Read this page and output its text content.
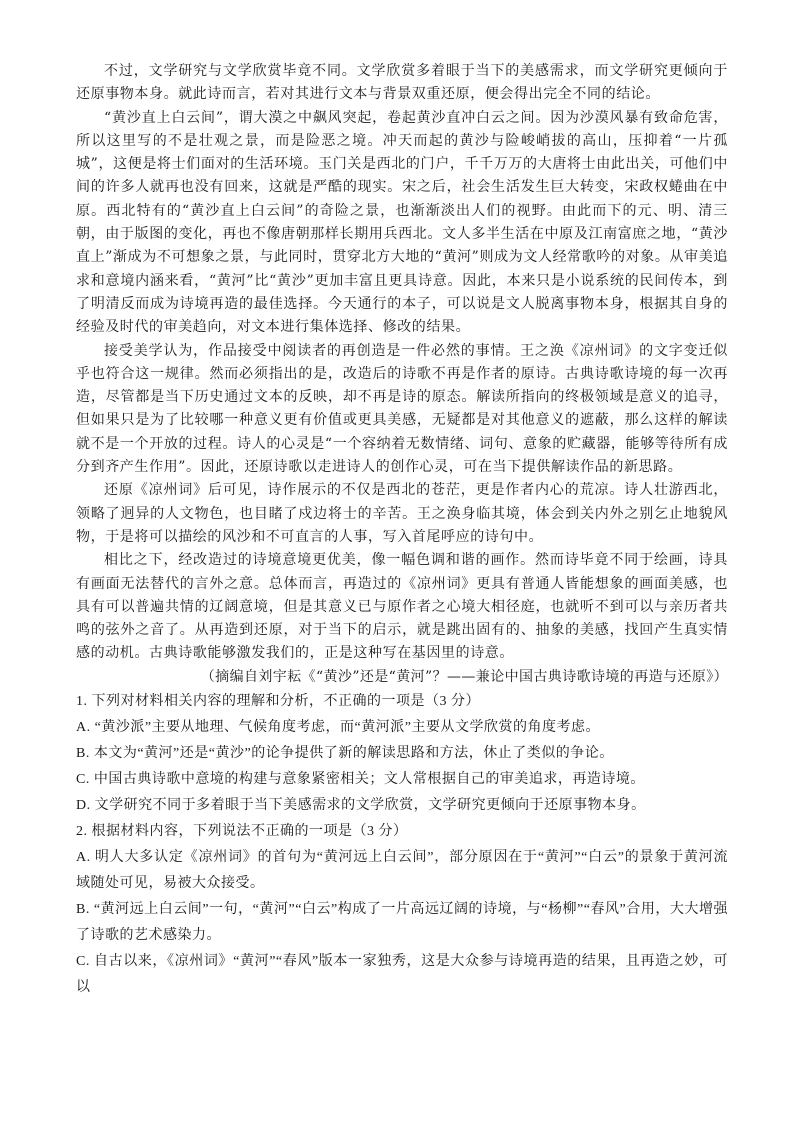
不过，文学研究与文学欣赏毕竟不同。文学欣赏多着眼于当下的美感需求，而文学研究更倾向于还原事物本身。就此诗而言，若对其进行文本与背景双重还原，便会得出完全不同的结论。

“黄沙直上白云间”，谓大漠之中飙风突起，卷起黄沙直冲白云之间。因为沙漠风暴有致命危害，所以这里写的不是壮观之景，而是险恶之境。冲天而起的黄沙与险峻峭拔的高山，压抑着“一片孤城”，这便是将士们面对的生活环境。玉门关是西北的门户，千千万万的大唐将士由此出关，可他们中间的许多人就再也没有回来，这就是严酷的现实。宋之后，社会生活发生巨大转变，宋政权蜷曲在中原。西北特有的“黄沙直上白云间”的奇险之景，也渐渐淡出人们的视野。由此而下的元、明、清三朝，由于版图的变化，再也不像唐朝那样长期用兵西北。文人多半生活在中原及江南富庶之地，“黄沙直上”渐成为不可想象之景，与此同时，贯穿北方大地的“黄河”则成为文人经常歌吟的对象。从审美追求和意境内涵来看，“黄河”比“黄沙”更加丰富且更具诗意。因此，本来只是小说系统的民间传本，到了明清反而成为诗境再造的最佳选择。今天通行的本子，可以说是文人脱离事物本身，根据其自身的经验及时代的审美趋向，对文本进行集体选择、修改的结果。

接受美学认为，作品接受中阅读者的再创造是一件必然的事情。王之涣《凉州词》的文字变迁似乎也符合这一规律。然而必须指出的是，改造后的诗歌不再是作者的原诗。古典诗歌诗境的每一次再造，尽管都是当下历史通过文本的反映，却不再是诗的原态。解读所指向的终极领域是意义的追寻，但如果只是为了比较哪一种意义更有价值或更具美感，无疑都是对其他意义的遮蔽，那么这样的解读就不是一个开放的过程。诗人的心灵是“一个容纳着无数情绪、词句、意象的贮藏器，能够等待所有成分到齐产生作用”。因此，还原诗歌以走进诗人的创作心灵，可在当下提供解读作品的新思路。

还原《凉州词》后可见，诗作展示的不仅是西北的苍茫，更是作者内心的荒凉。诗人壮游西北，领略了迥异的人文物色，也目睹了戍边将士的辛苦。王之涣身临其境，体会到关内外之别乞止地貌风物，于是将可以描绘的风沙和不可直言的人事，写入首尾呼应的诗句中。

相比之下，经改造过的诗境意境更优美，像一幅色调和谐的画作。然而诗毕竟不同于绘画，诗具有画面无法替代的言外之意。总体而言，再造过的《凉州词》更具有普通人皆能想象的画面美感，也具有可以普遍共情的辽阔意境，但是其意义已与原作者之心境大相径庭，也就听不到可以与亲历者共鸣的弦外之音了。从再造到还原，对于当下的启示，就是跳出固有的、抽象的美感，找回产生真实情感的动机。古典诗歌能够激发我们的，正是这种写在基因里的诗意。

（摘编自刘宇耘《“黄沙”还是“黄河”？——兼论中国古典诗歌诗境的再造与还原》）

1. 下列对材料相关内容的理解和分析，不正确的一项是（3 分）

A. “黄沙派”主要从地理、气候角度考虑，而“黄河派”主要从文学欣赏的角度考虑。

B. 本文为“黄河”还是“黄沙”的论争提供了新的解读思路和方法，休止了类似的争论。

C. 中国古典诗歌中意境的构建与意象紧密相关；文人常根据自己的审美追求，再造诗境。

D. 文学研究不同于多着眼于当下美感需求的文学欣赏，文学研究更倾向于还原事物本身。

2. 根据材料内容，下列说法不正确的一项是（3 分）

A. 明人大多认定《凉州词》的首句为“黄河远上白云间”，部分原因在于“黄河”“白云”的景象于黄河流域随处可见，易被大众接受。

B. “黄河远上白云间”一句，“黄河”“白云”构成了一片高远辽阔的诗境，与“杨柳”“春风”合用，大大增强了诗歌的艺术感染力。

C. 自古以来，《凉州词》“黄河”“春风”版本一家独秀，这是大众参与诗境再造的结果，且再造之妙，可以
